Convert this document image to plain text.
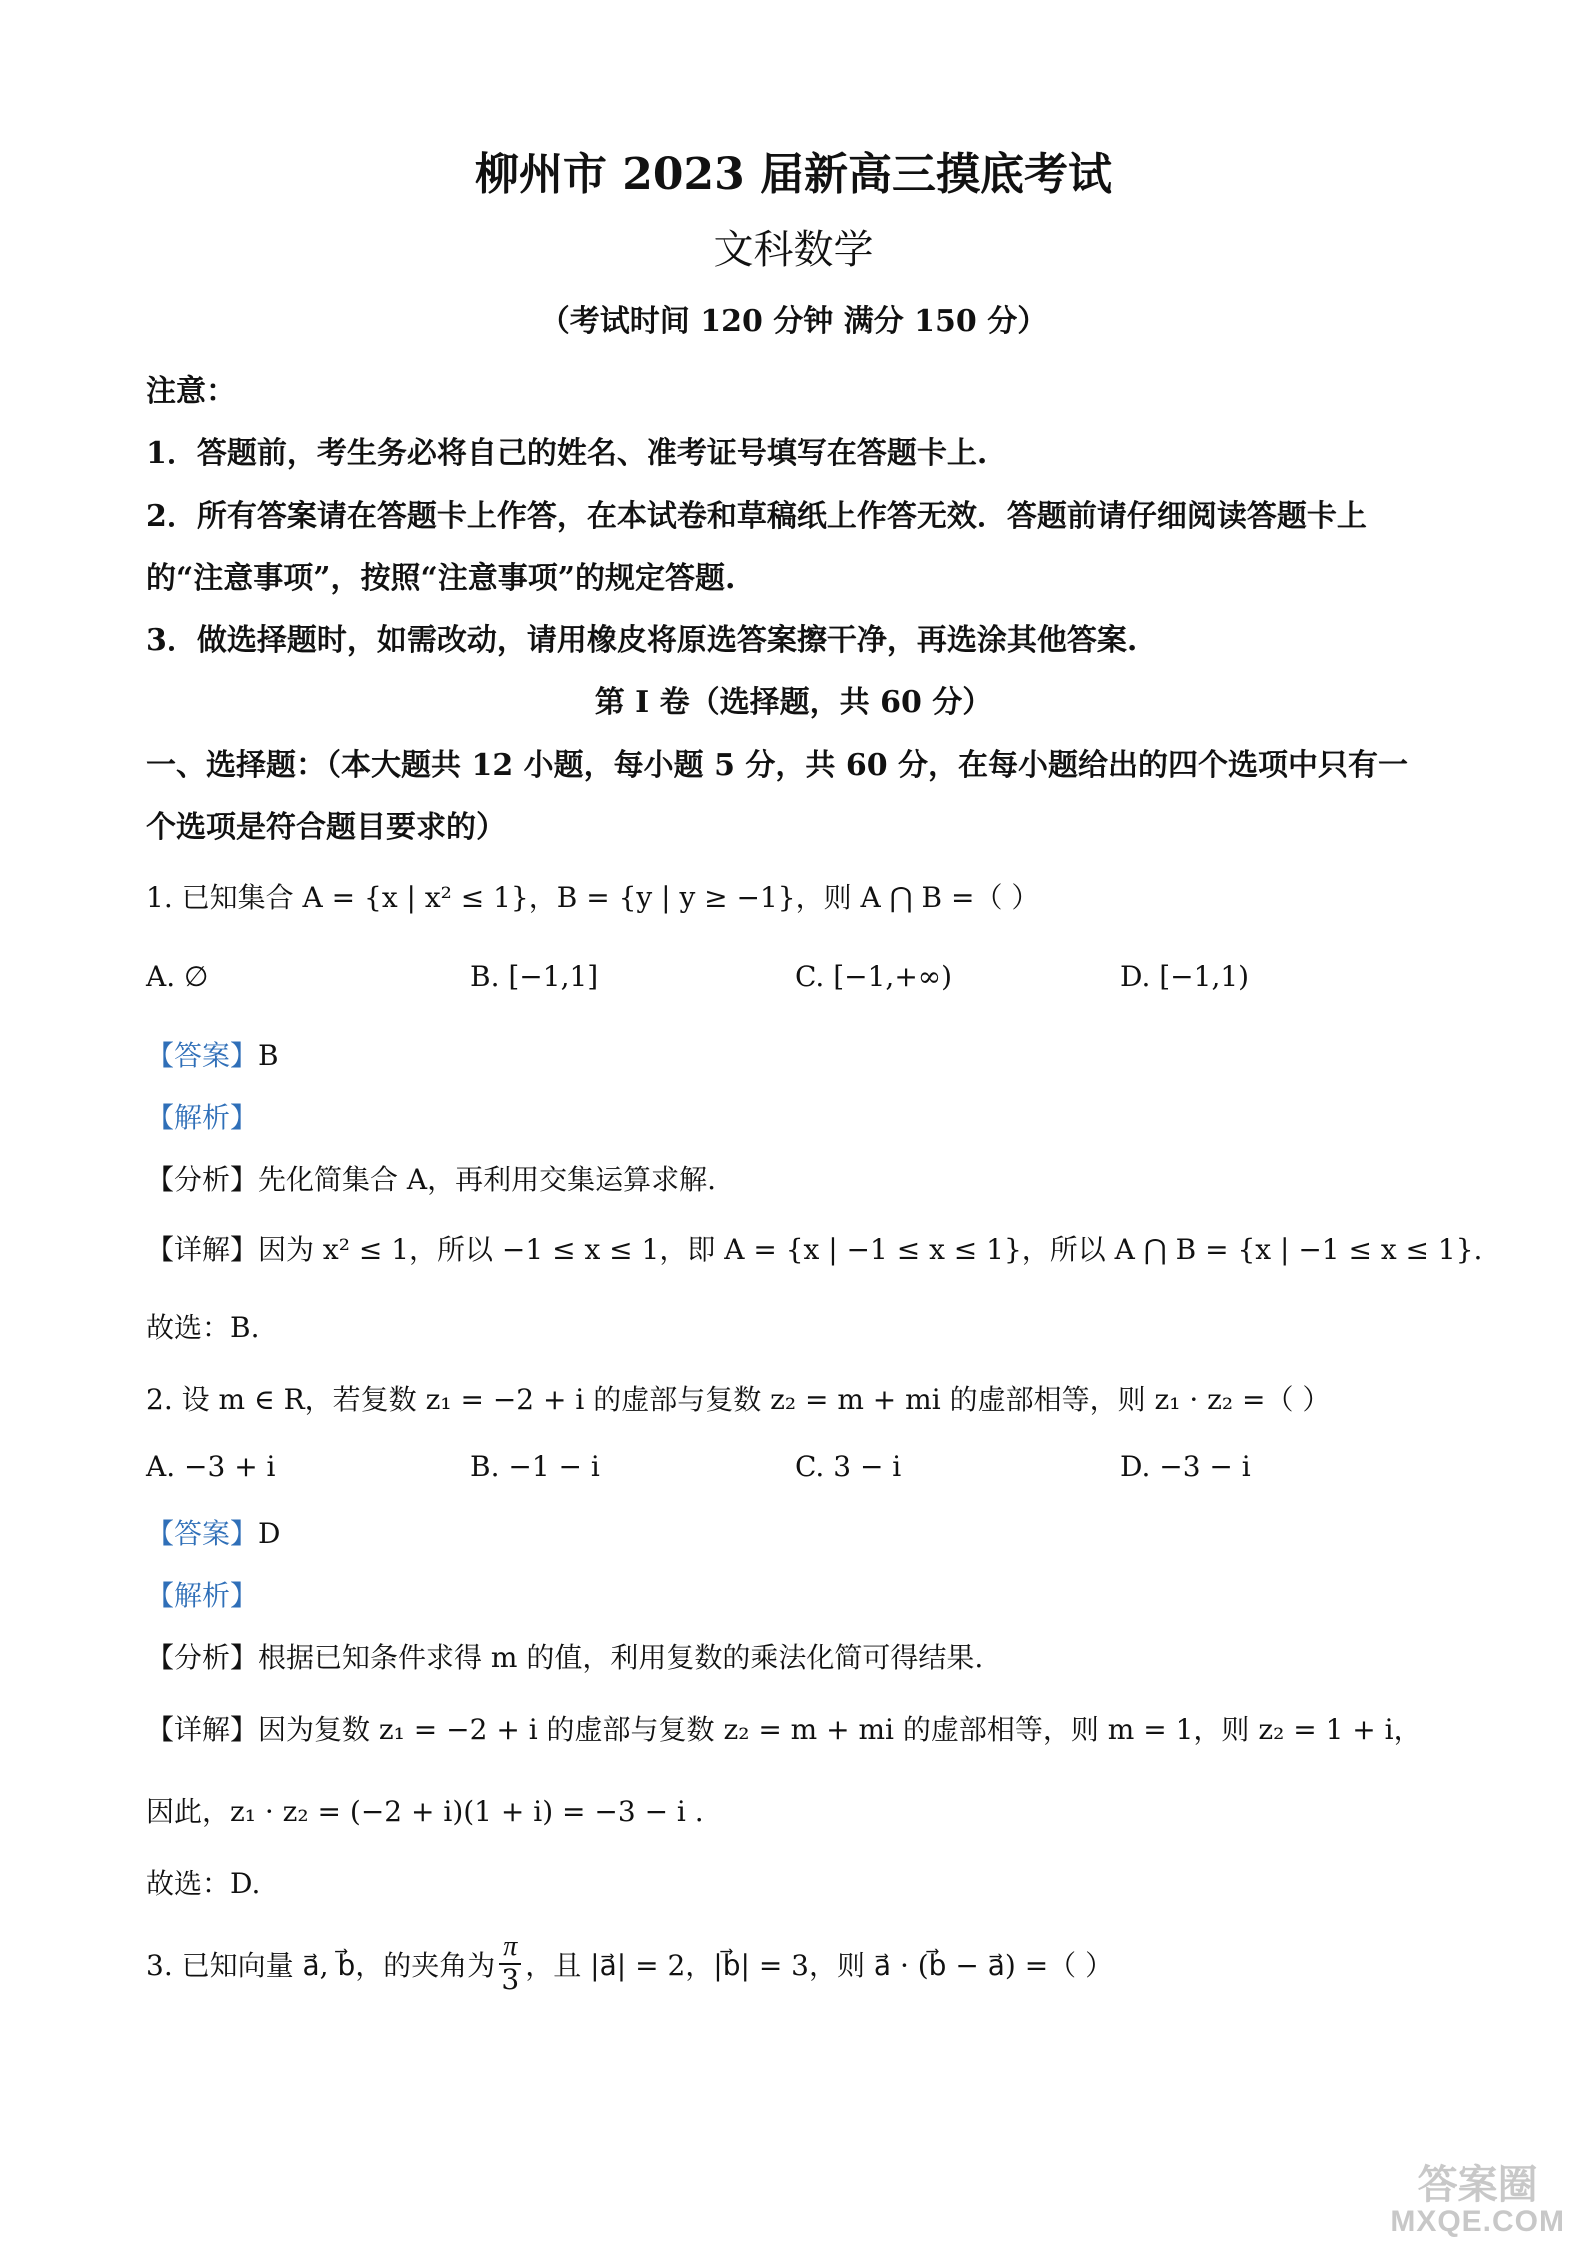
柳州市 2023 届新高三摸底考试
文科数学
（考试时间 120 分钟 满分 150 分）
注意：
1．答题前，考生务必将自己的姓名、准考证号填写在答题卡上.
2．所有答案请在答题卡上作答，在本试卷和草稿纸上作答无效．答题前请仔细阅读答题卡上
的“注意事项”，按照“注意事项”的规定答题.
3．做选择题时，如需改动，请用橡皮将原选答案擦干净，再选涂其他答案.
第 I 卷（选择题，共 60 分）
一、选择题：（本大题共 12 小题，每小题 5 分，共 60 分，在每小题给出的四个选项中只有一
个选项是符合题目要求的）
1. 已知集合 A = {x | x² ≤ 1}，B = {y | y ≥ −1}，则 A ⋂ B =（ ）
A. ∅	B. [−1,1]	C. [−1,+∞)	D. [−1,1)
【答案】B
【解析】
【分析】先化简集合 A，再利用交集运算求解.
【详解】因为 x² ≤ 1，所以 −1 ≤ x ≤ 1，即 A = {x | −1 ≤ x ≤ 1}，所以 A ⋂ B = {x | −1 ≤ x ≤ 1}.
故选：B.
2. 设 m ∈ R，若复数 z₁ = −2 + i 的虚部与复数 z₂ = m + mi 的虚部相等，则 z₁ · z₂ =（ ）
A. −3 + i	B. −1 − i	C. 3 − i	D. −3 − i
【答案】D
【解析】
【分析】根据已知条件求得 m 的值，利用复数的乘法化简可得结果.
【详解】因为复数 z₁ = −2 + i 的虚部与复数 z₂ = m + mi 的虚部相等，则 m = 1，则 z₂ = 1 + i，
因此，z₁ · z₂ = (−2 + i)(1 + i) = −3 − i .
故选：D.
3. 已知向量 a⃗, b⃗，的夹角为 $\frac{\pi}{3}$ ，且 |a⃗| = 2，|b⃗| = 3，则 a⃗ · (b⃗ − a⃗) =（ ）
答案圈
MXQE.COM
